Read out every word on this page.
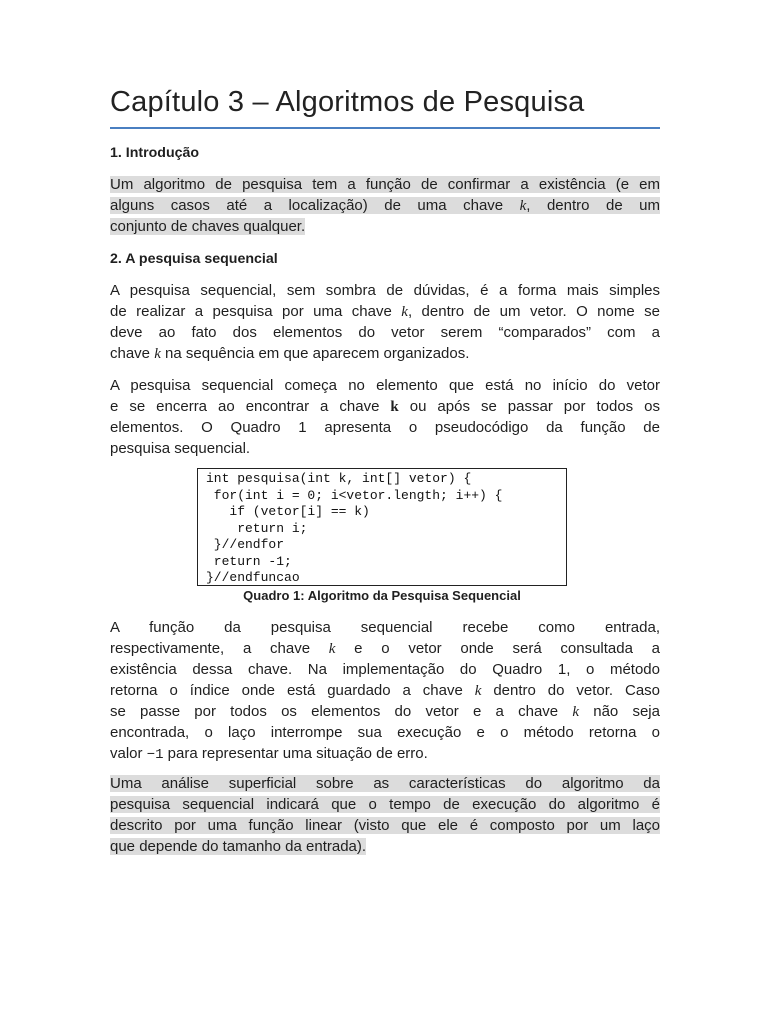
Capítulo 3 – Algoritmos de Pesquisa
1. Introdução
Um algoritmo de pesquisa tem a função de confirmar a existência (e em
alguns casos até a localização) de uma chave k, dentro de um
conjunto de chaves qualquer.
2. A pesquisa sequencial
A pesquisa sequencial, sem sombra de dúvidas, é a forma mais simples
de realizar a pesquisa por uma chave k, dentro de um vetor. O nome se
deve ao fato dos elementos do vetor serem “comparados” com a
chave k na sequência em que aparecem organizados.
A pesquisa sequencial começa no elemento que está no início do vetor
e se encerra ao encontrar a chave k ou após se passar por todos os
elementos. O Quadro 1 apresenta o pseudocódigo da função de
pesquisa sequencial.
int pesquisa(int k, int[] vetor) {
for(int i = 0; i<vetor.length; i++) {
if (vetor[i] == k)
return i;
}//endfor
return -1;
}//endfuncao
Quadro 1: Algoritmo da Pesquisa Sequencial
A função da pesquisa sequencial recebe como entrada,
respectivamente, a chave k e o vetor onde será consultada a
existência dessa chave. Na implementação do Quadro 1, o método
retorna o índice onde está guardado a chave k dentro do vetor. Caso
se passe por todos os elementos do vetor e a chave k não seja
encontrada, o laço interrompe sua execução e o método retorna o
valor −1 para representar uma situação de erro.
Uma análise superficial sobre as características do algoritmo da
pesquisa sequencial indicará que o tempo de execução do algoritmo é
descrito por uma função linear (visto que ele é composto por um laço
que depende do tamanho da entrada).
